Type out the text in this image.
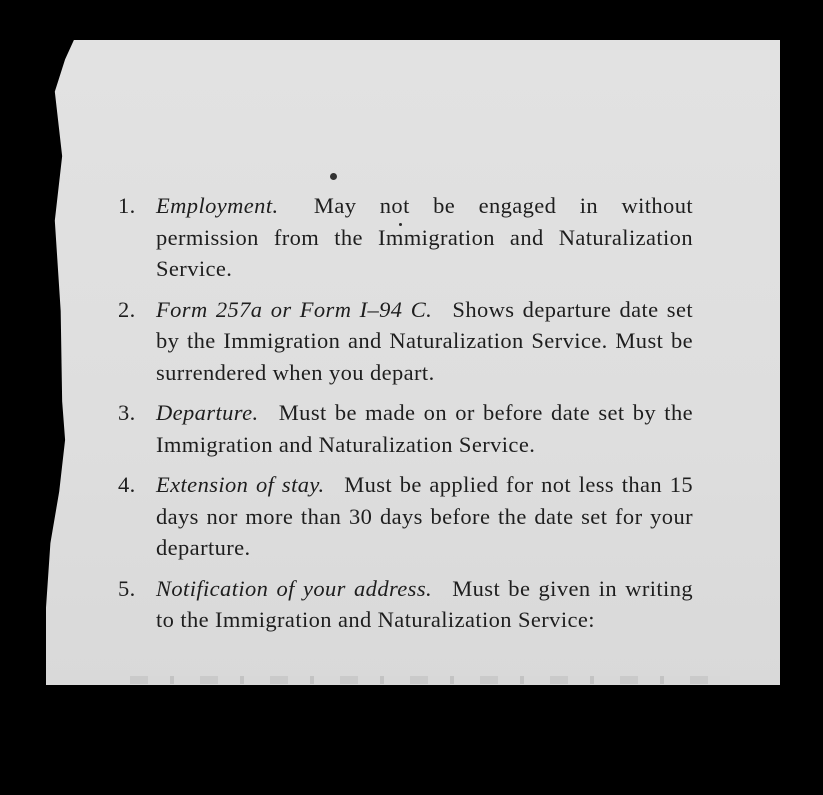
1. Employment. May not be engaged in without permission from the Immigration and Naturalization Service.
2. Form 257a or Form I–94 C. Shows departure date set by the Immigration and Naturalization Service. Must be surrendered when you depart.
3. Departure. Must be made on or before date set by the Immigration and Naturalization Service.
4. Extension of stay. Must be applied for not less than 15 days nor more than 30 days before the date set for your departure.
5. Notification of your address. Must be given in writing to the Immigration and Naturalization Service:
